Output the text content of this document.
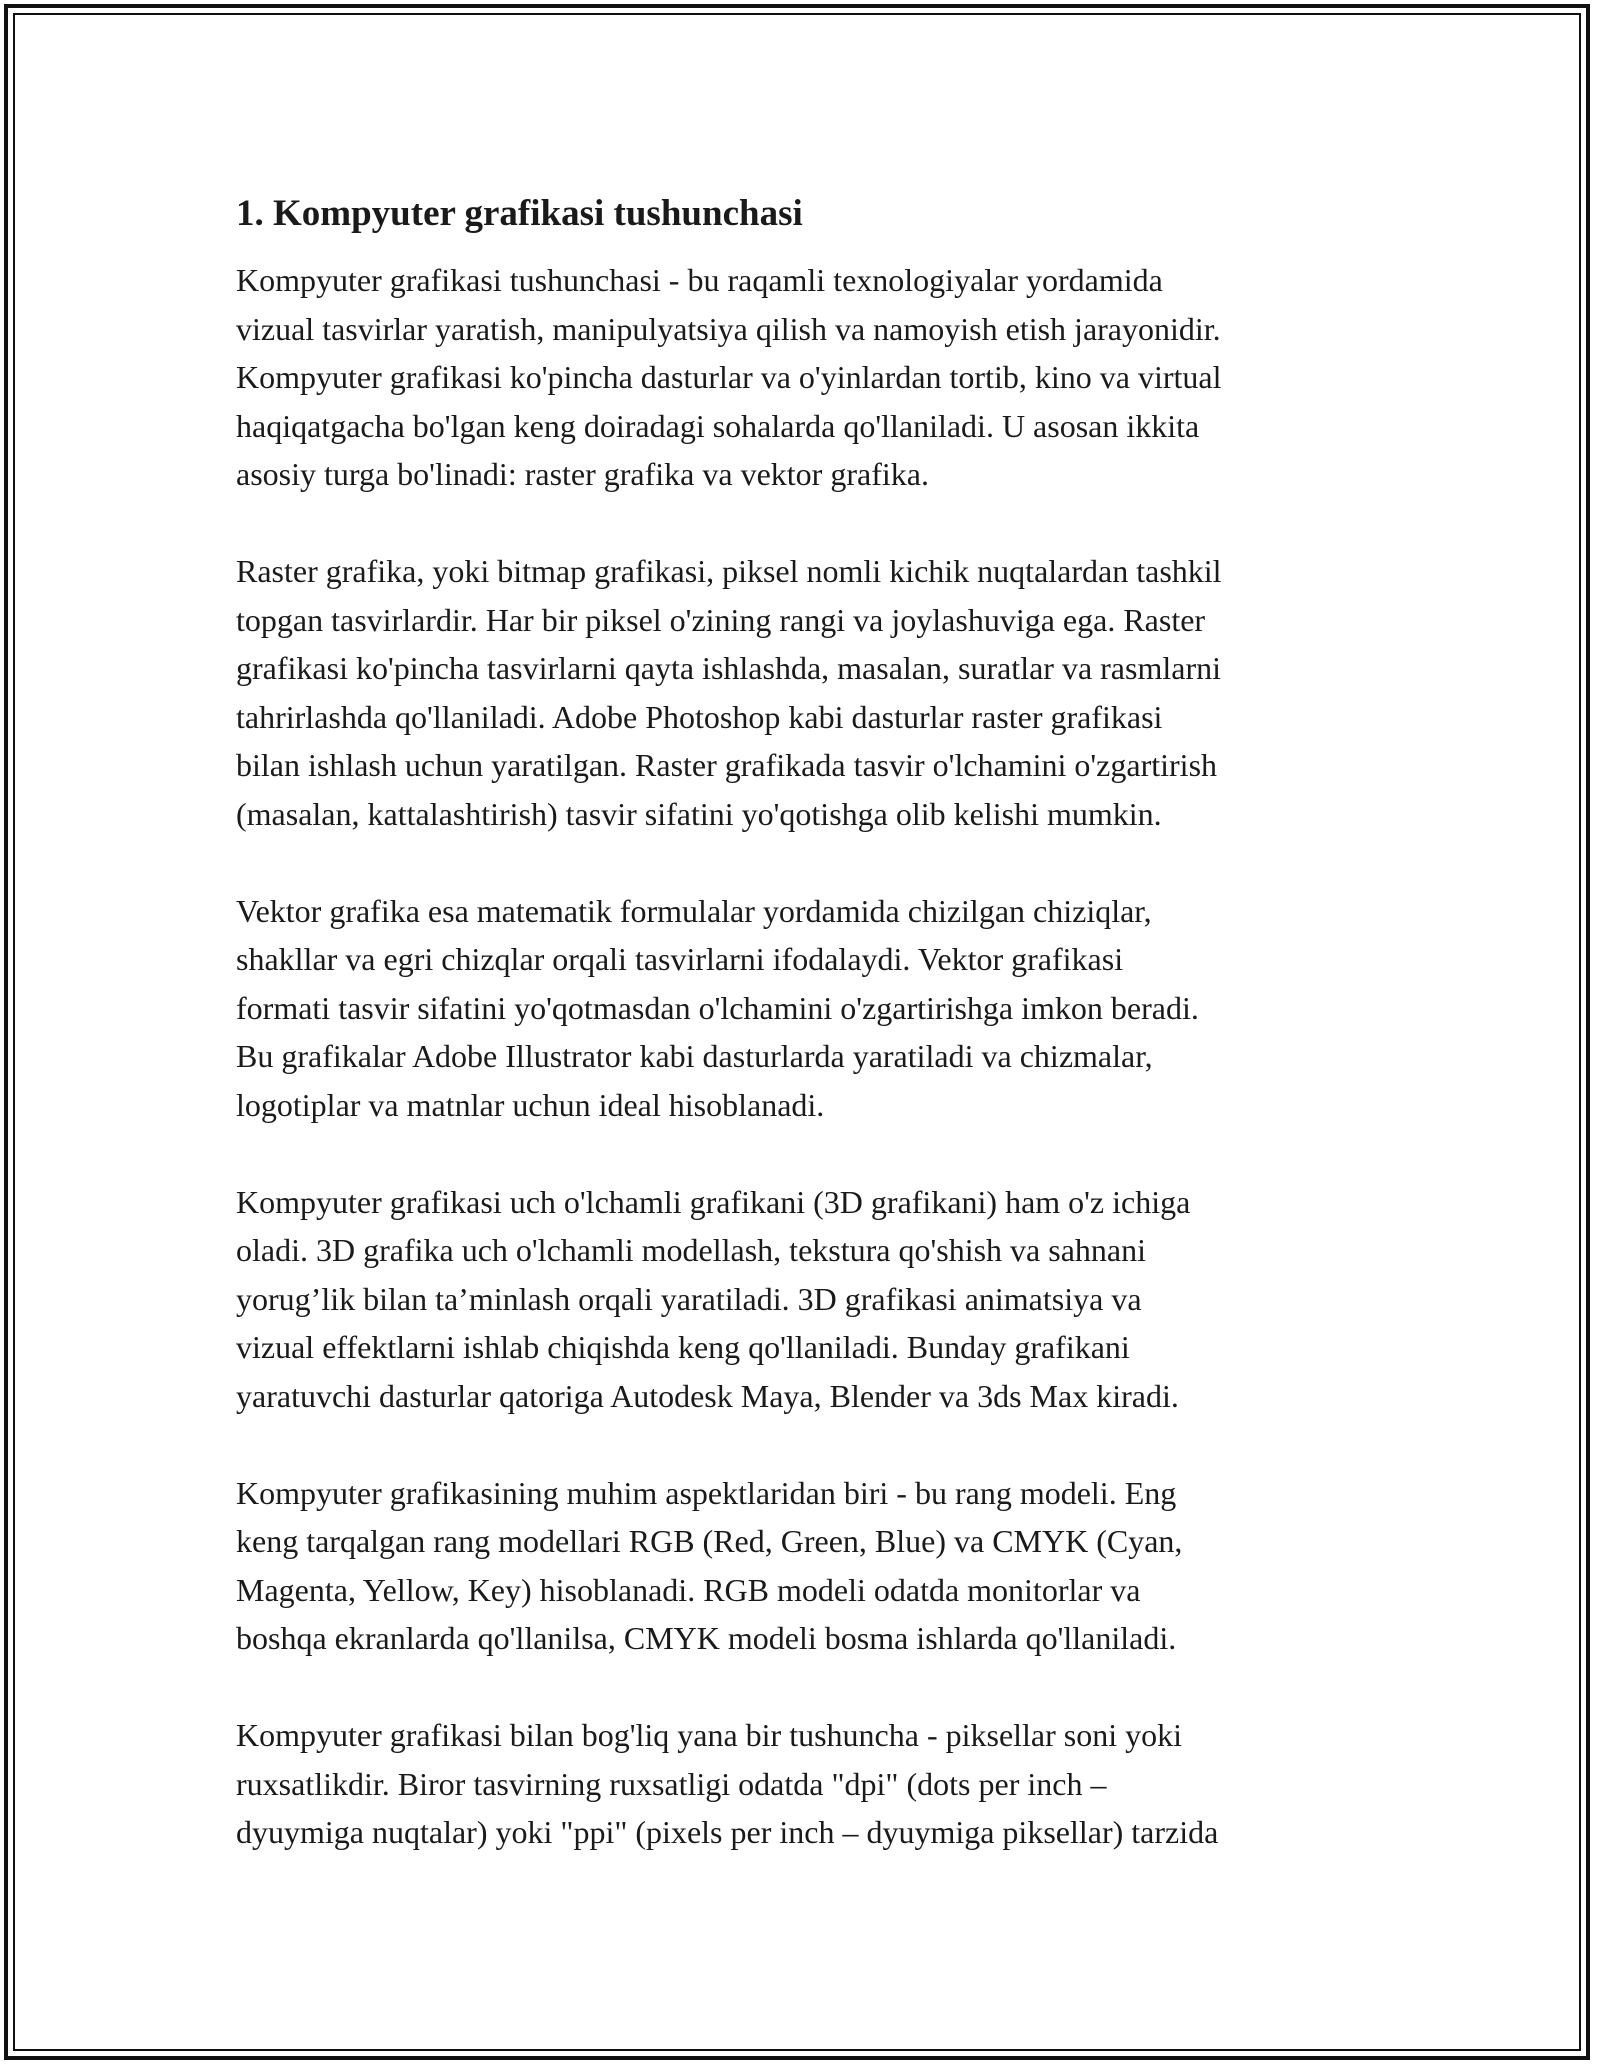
1. Kompyuter grafikasi tushunchasi

Kompyuter grafikasi tushunchasi - bu raqamli texnologiyalar yordamida
vizual tasvirlar yaratish, manipulyatsiya qilish va namoyish etish jarayonidir.
Kompyuter grafikasi ko'pincha dasturlar va o'yinlardan tortib, kino va virtual
haqiqatgacha bo'lgan keng doiradagi sohalarda qo'llaniladi. U asosan ikkita
asosiy turga bo'linadi: raster grafika va vektor grafika.

Raster grafika, yoki bitmap grafikasi, piksel nomli kichik nuqtalardan tashkil
topgan tasvirlardir. Har bir piksel o'zining rangi va joylashuviga ega. Raster
grafikasi ko'pincha tasvirlarni qayta ishlashda, masalan, suratlar va rasmlarni
tahrirlashda qo'llaniladi. Adobe Photoshop kabi dasturlar raster grafikasi
bilan ishlash uchun yaratilgan. Raster grafikada tasvir o'lchamini o'zgartirish
(masalan, kattalashtirish) tasvir sifatini yo'qotishga olib kelishi mumkin.

Vektor grafika esa matematik formulalar yordamida chizilgan chiziqlar,
shakllar va egri chizqlar orqali tasvirlarni ifodalaydi. Vektor grafikasi
formati tasvir sifatini yo'qotmasdan o'lchamini o'zgartirishga imkon beradi.
Bu grafikalar Adobe Illustrator kabi dasturlarda yaratiladi va chizmalar,
logotiplar va matnlar uchun ideal hisoblanadi.

Kompyuter grafikasi uch o'lchamli grafikani (3D grafikani) ham o'z ichiga
oladi. 3D grafika uch o'lchamli modellash, tekstura qo'shish va sahnani
yorug’lik bilan ta’minlash orqali yaratiladi. 3D grafikasi animatsiya va
vizual effektlarni ishlab chiqishda keng qo'llaniladi. Bunday grafikani
yaratuvchi dasturlar qatoriga Autodesk Maya, Blender va 3ds Max kiradi.

Kompyuter grafikasining muhim aspektlaridan biri - bu rang modeli. Eng
keng tarqalgan rang modellari RGB (Red, Green, Blue) va CMYK (Cyan,
Magenta, Yellow, Key) hisoblanadi. RGB modeli odatda monitorlar va
boshqa ekranlarda qo'llanilsa, CMYK modeli bosma ishlarda qo'llaniladi.

Kompyuter grafikasi bilan bog'liq yana bir tushuncha - piksellar soni yoki
ruxsatlikdir. Biror tasvirning ruxsatligi odatda "dpi" (dots per inch –
dyuymiga nuqtalar) yoki "ppi" (pixels per inch – dyuymiga piksellar) tarzida
